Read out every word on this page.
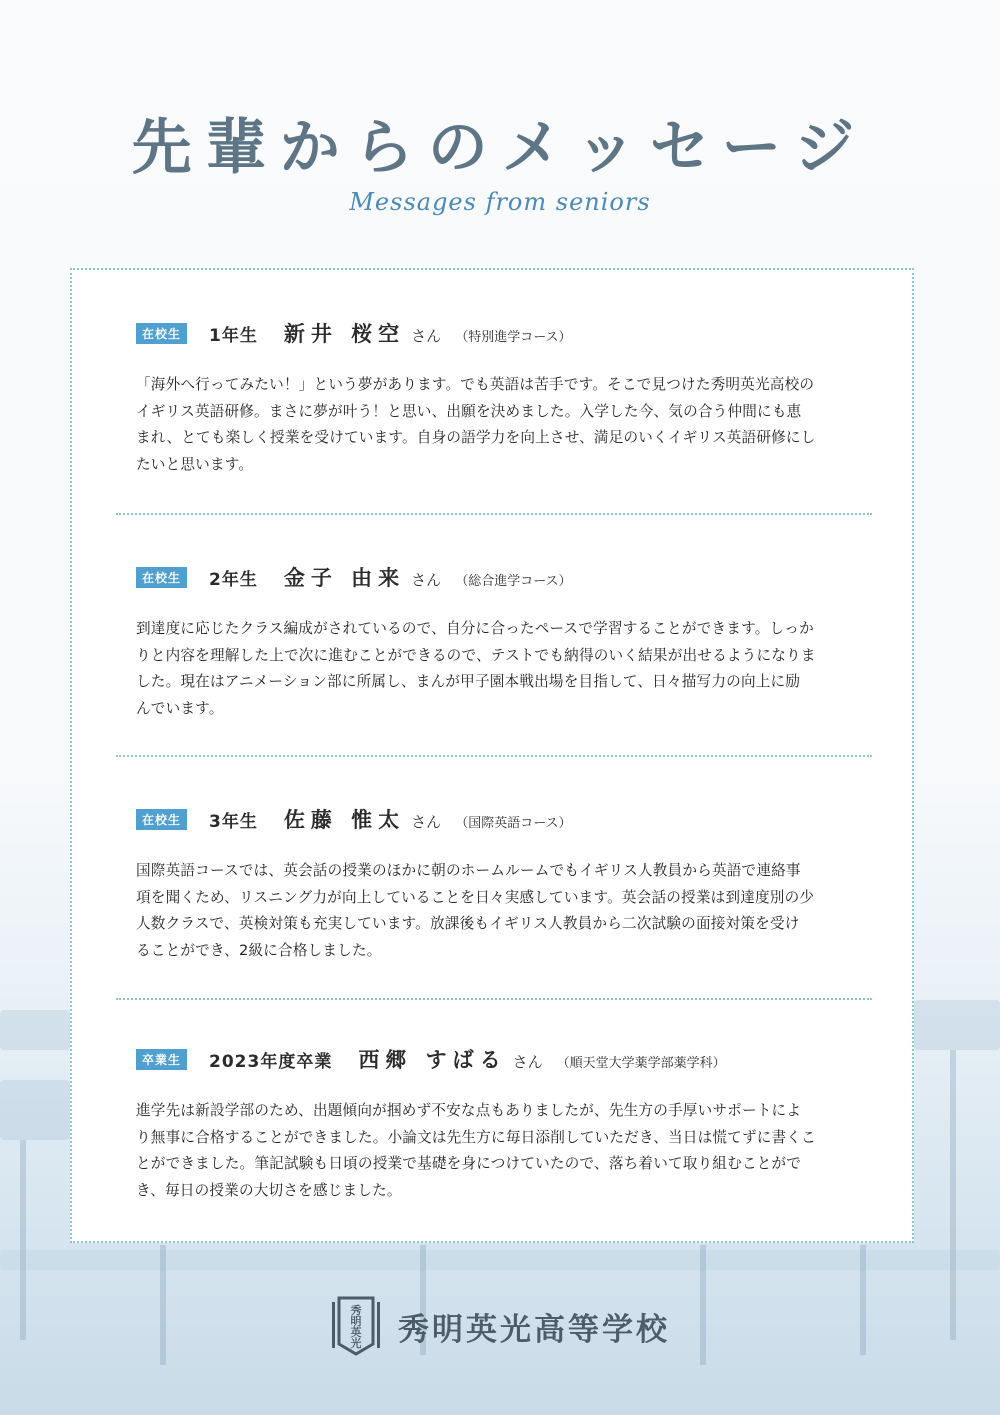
先輩からのメッセージ
Messages from seniors
在校生	1年生 新井 桜空 さん （特別進学コース）
「海外へ行ってみたい！」という夢があります。でも英語は苦手です。そこで見つけた秀明英光高校の
イギリス英語研修。まさに夢が叶う！と思い、出願を決めました。入学した今、気の合う仲間にも恵
まれ、とても楽しく授業を受けています。自身の語学力を向上させ、満足のいくイギリス英語研修にし
たいと思います。
在校生	2年生 金子 由来 さん （総合進学コース）
到達度に応じたクラス編成がされているので、自分に合ったペースで学習することができます。しっか
りと内容を理解した上で次に進むことができるので、テストでも納得のいく結果が出せるようになりま
した。現在はアニメーション部に所属し、まんが甲子園本戦出場を目指して、日々描写力の向上に励
んでいます。
在校生	3年生 佐藤 惟太 さん （国際英語コース）
国際英語コースでは、英会話の授業のほかに朝のホームルームでもイギリス人教員から英語で連絡事
項を聞くため、リスニング力が向上していることを日々実感しています。英会話の授業は到達度別の少
人数クラスで、英検対策も充実しています。放課後もイギリス人教員から二次試験の面接対策を受け
ることができ、2級に合格しました。
卒業生	2023年度卒業 西郷 すばる さん （順天堂大学薬学部薬学科）
進学先は新設学部のため、出題傾向が掴めず不安な点もありましたが、先生方の手厚いサポートによ
り無事に合格することができました。小論文は先生方に毎日添削していただき、当日は慌てずに書くこ
とができました。筆記試験も日頃の授業で基礎を身につけていたので、落ち着いて取り組むことがで
き、毎日の授業の大切さを感じました。
秀
明
英
光 秀明英光高等学校
